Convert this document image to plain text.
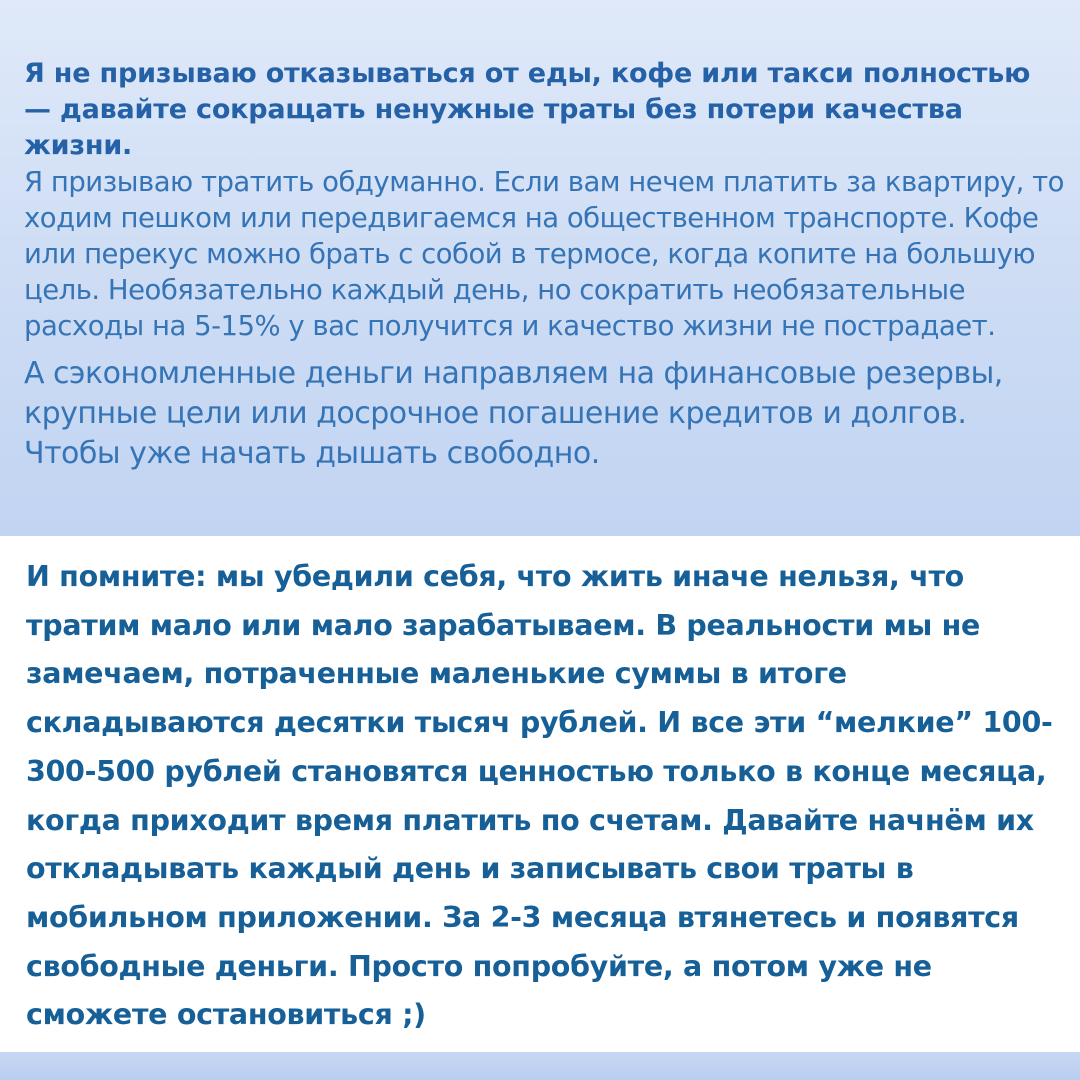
Я не призываю отказываться от еды, кофе или такси полностью — давайте сокращать ненужные траты без потери качества жизни.

Я призываю тратить обдуманно. Если вам нечем платить за квартиру, то ходим пешком или передвигаемся на общественном транспорте. Кофе или перекус можно брать с собой в термосе, когда копите на большую цель. Необязательно каждый день, но сократить необязательные расходы на 5-15% у вас получится и качество жизни не пострадает.

А сэкономленные деньги направляем на финансовые резервы, крупные цели или досрочное погашение кредитов и долгов. Чтобы уже начать дышать свободно.

И помните: мы убедили себя, что жить иначе нельзя, что тратим мало или мало зарабатываем. В реальности мы не замечаем, потраченные маленькие суммы в итоге складываются десятки тысяч рублей. И все эти “мелкие” 100-300-500 рублей становятся ценностью только в конце месяца, когда приходит время платить по счетам. Давайте начнём их откладывать каждый день и записывать свои траты в мобильном приложении. За 2-3 месяца втянетесь и появятся свободные деньги. Просто попробуйте, а потом уже не сможете остановиться ;)
